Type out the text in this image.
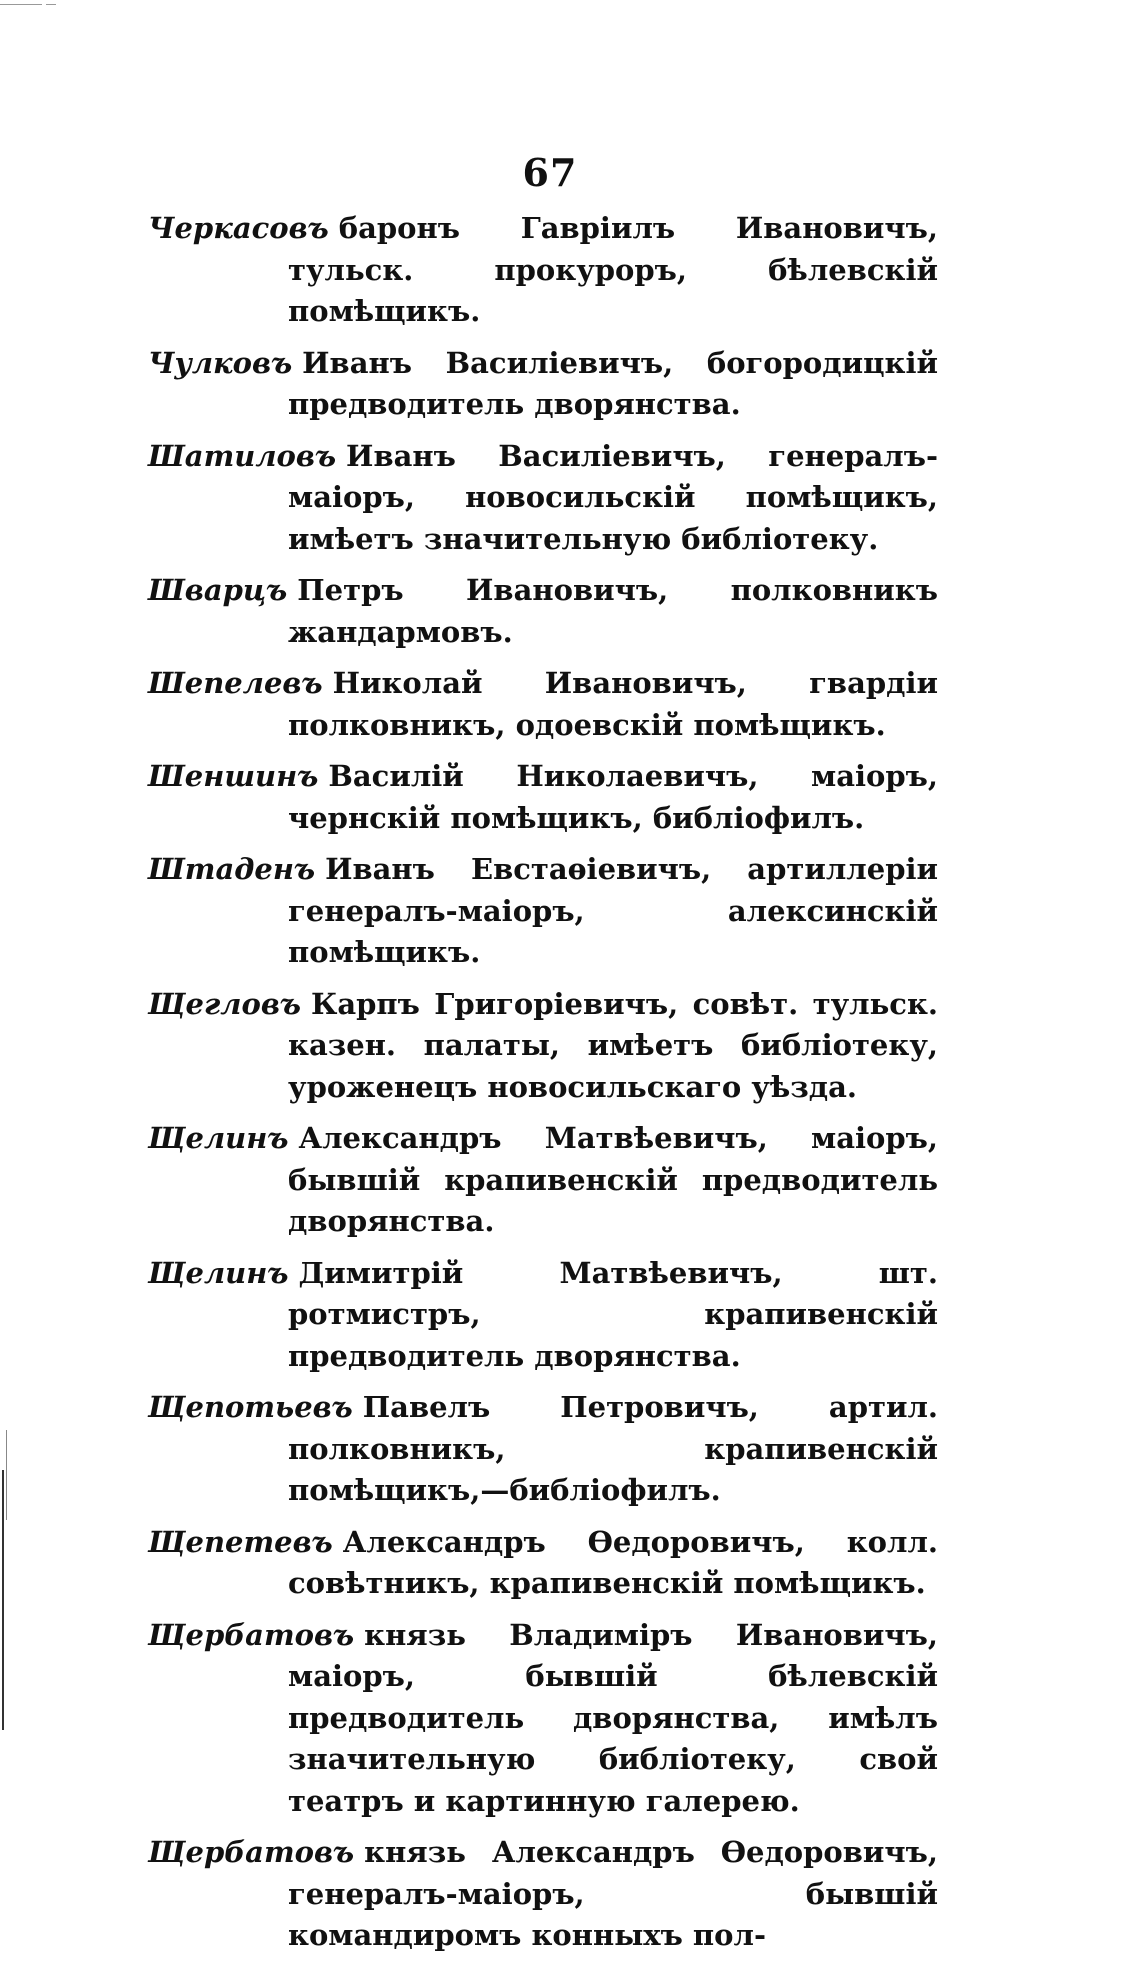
67

Черкасовъ баронъ Гавріилъ Ивановичъ, тульск. прокуроръ, бѣлевскій помѣщикъ.

Чулковъ Иванъ Василіевичъ, богородицкій предводитель дворянства.

Шатиловъ Иванъ Василіевичъ, генералъ-маіоръ, новосильскій помѣщикъ, имѣетъ значительную библіотеку.

Шварцъ Петръ Ивановичъ, полковникъ жандармовъ.

Шепелевъ Николай Ивановичъ, гвардіи полковникъ, одоевскій помѣщикъ.

Шеншинъ Василій Николаевичъ, маіоръ, чернскій помѣщикъ, библіофилъ.

Штаденъ Иванъ Евстаѳіевичъ, артиллеріи генералъ-маіоръ, алексинскій помѣщикъ.

Щегловъ Карпъ Григоріевичъ, совѣт. тульск. казен. палаты, имѣетъ библіотеку, уроженецъ новосильскаго уѣзда.

Щелинъ Александръ Матвѣевичъ, маіоръ, бывшій крапивенскій предводитель дворянства.

Щелинъ Димитрій Матвѣевичъ, шт. ротмистръ, крапивенскій предводитель дворянства.

Щепотьевъ Павелъ Петровичъ, артил. полковникъ, крапивенскій помѣщикъ,—библіофилъ.

Щепетевъ Александръ Ѳедоровичъ, колл. совѣтникъ, крапивенскій помѣщикъ.

Щербатовъ князь Владиміръ Ивановичъ, маіоръ, бывшій бѣлевскій предводитель дворянства, имѣлъ значительную библіотеку, свой театръ и картинную галерею.

Щербатовъ князь Александръ Ѳедоровичъ, генералъ-маіоръ, бывшій командиромъ конныхъ пол-
